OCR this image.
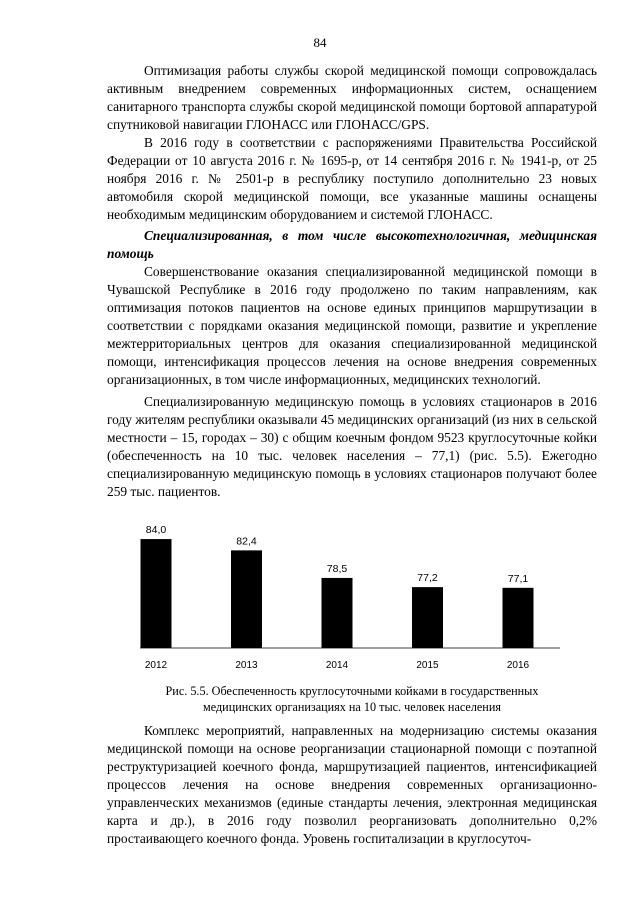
84

Оптимизация работы службы скорой медицинской помощи сопровождалась активным внедрением современных информационных систем, оснащением санитарного транспорта службы скорой медицинской помощи бортовой аппаратурой спутниковой навигации ГЛОНАСС или ГЛОНАСС/GPS.

В 2016 году в соответствии с распоряжениями Правительства Российской Федерации от 10 августа 2016 г. № 1695-р, от 14 сентября 2016 г. № 1941-р, от 25 ноября 2016 г. № 2501-р в республику поступило дополнительно 23 новых автомобиля скорой медицинской помощи, все указанные машины оснащены необходимым медицинским оборудованием и системой ГЛОНАСС.

Специализированная, в том числе высокотехнологичная, медицинская помощь

Совершенствование оказания специализированной медицинской помощи в Чувашской Республике в 2016 году продолжено по таким направлениям, как оптимизация потоков пациентов на основе единых принципов маршрутизации в соответствии с порядками оказания медицинской помощи, развитие и укрепление межтерриториальных центров для оказания специализированной медицинской помощи, интенсификация процессов лечения на основе внедрения современных организационных, в том числе информационных, медицинских технологий.

Специализированную медицинскую помощь в условиях стационаров в 2016 году жителям республики оказывали 45 медицинских организаций (из них в сельской местности – 15, городах – 30) с общим коечным фондом 9523 круглосуточные койки (обеспеченность на 10 тыс. человек населения – 77,1) (рис. 5.5). Ежегодно специализированную медицинскую помощь в условиях стационаров получают более 259 тыс. пациентов.

84,0
2012
82,4
2013
78,5
2014
77,2
2015
77,1
2016
Рис. 5.5. Обеспеченность круглосуточными койками в государственных
медицинских организациях на 10 тыс. человек населения

Комплекс мероприятий, направленных на модернизацию системы оказания медицинской помощи на основе реорганизации стационарной помощи с поэтапной реструктуризацией коечного фонда, маршрутизацией пациентов, интенсификацией процессов лечения на основе внедрения современных организационно-управленческих механизмов (единые стандарты лечения, электронная медицинская карта и др.), в 2016 году позволил реорганизовать дополнительно 0,2% простаивающего коечного фонда. Уровень госпитализации в круглосуточ-
